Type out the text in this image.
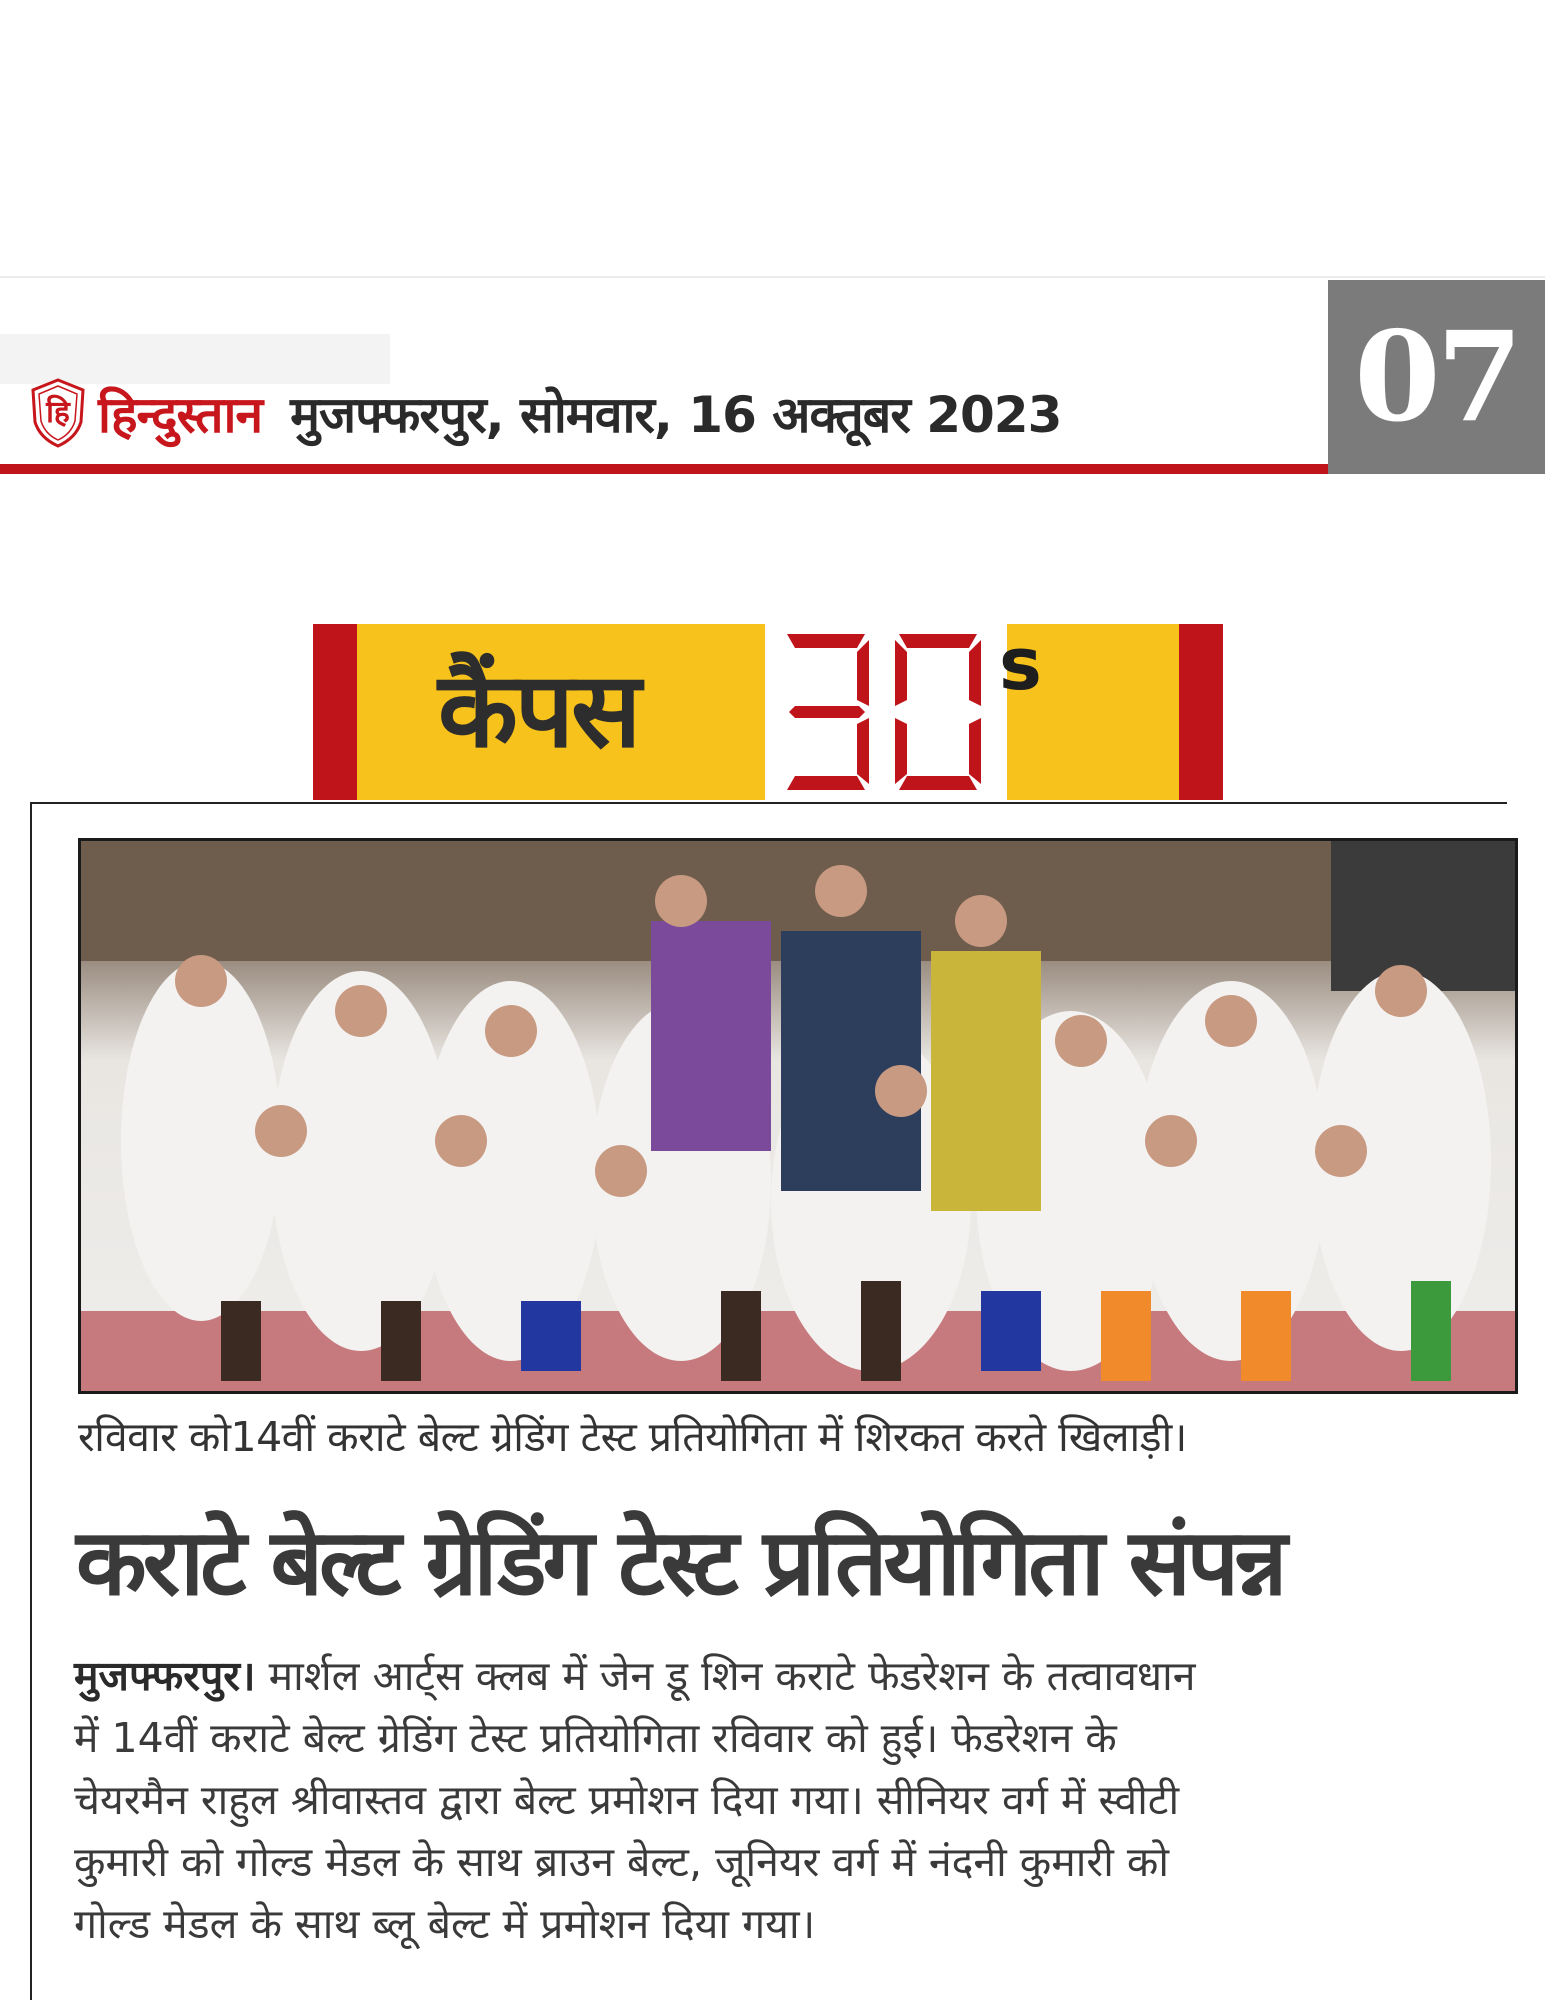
हि हिन्दुस्तान मुजफ्फरपुर, सोमवार, 16 अक्तूबर 2023 07
कैंपस	s
रविवार को14वीं कराटे बेल्ट ग्रेडिंग टेस्ट प्रतियोगिता में शिरकत करते खिलाड़ी।
कराटे बेल्ट ग्रेडिंग टेस्ट प्रतियोगिता संपन्न
मुजफ्फरपुर। मार्शल आर्ट्स क्लब में जेन डू शिन कराटे फेडरेशन के तत्वावधान
में 14वीं कराटे बेल्ट ग्रेडिंग टेस्ट प्रतियोगिता रविवार को हुई। फेडरेशन के
चेयरमैन राहुल श्रीवास्तव द्वारा बेल्ट प्रमोशन दिया गया। सीनियर वर्ग में स्वीटी
कुमारी को गोल्ड मेडल के साथ ब्राउन बेल्ट, जूनियर वर्ग में नंदनी कुमारी को
गोल्ड मेडल के साथ ब्लू बेल्ट में प्रमोशन दिया गया।
